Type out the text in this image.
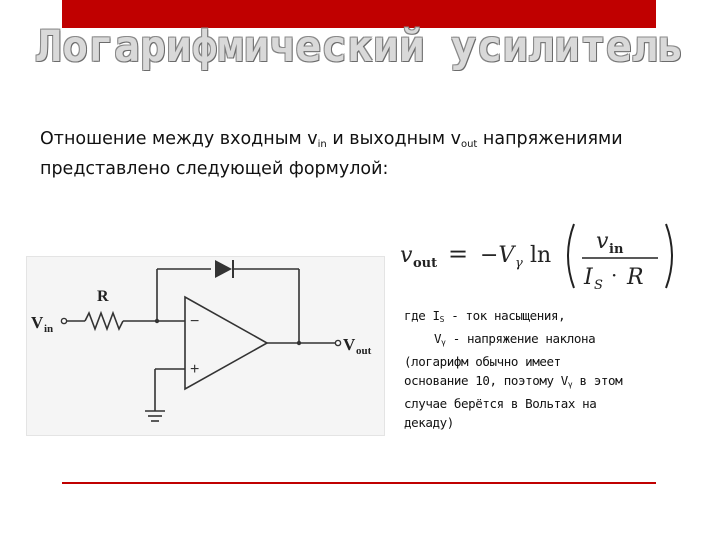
Логарифмический усилитель
Отношение между входным $v_{in}$ и выходным $v_{out}$ напряжениями
представлено следующей формулой:
v out = −V γ ln
v in
I S · R
V in
R
V out
−
+
где $I_S$ - ток насыщения,
$V_\gamma$ - напряжение наклона
(логарифм обычно имеет
основание 10, поэтому $V_\gamma$ в этом
случае берётся в Вольтах на
декаду)
